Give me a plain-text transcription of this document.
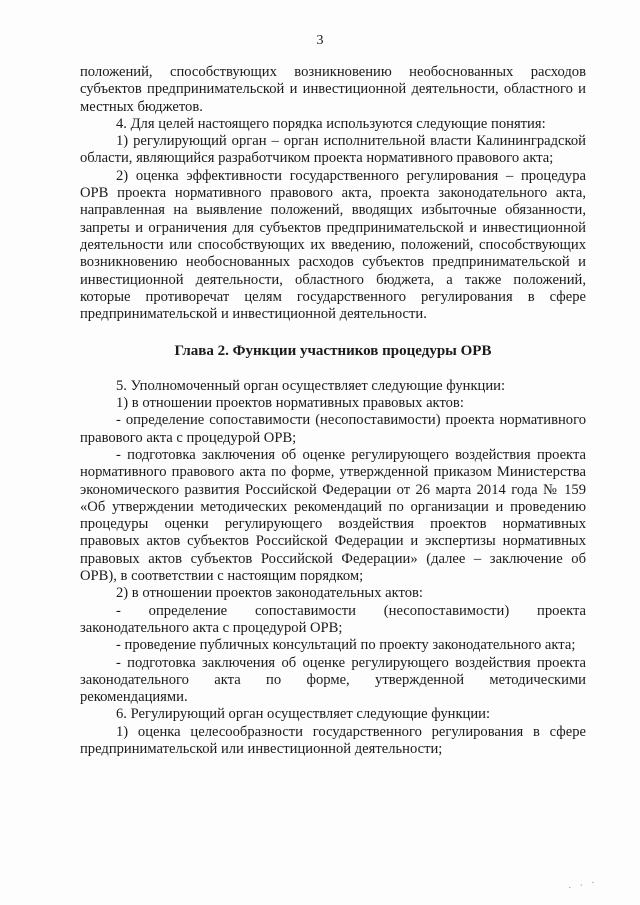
3

положений, способствующих возникновению необоснованных расходов субъектов предпринимательской и инвестиционной деятельности, областного и местных бюджетов.

4. Для целей настоящего порядка используются следующие понятия:

1) регулирующий орган – орган исполнительной власти Калининградской области, являющийся разработчиком проекта нормативного правового акта;

2) оценка эффективности государственного регулирования – процедура ОРВ проекта нормативного правового акта, проекта законодательного акта, направленная на выявление положений, вводящих избыточные обязанности, запреты и ограничения для субъектов предпринимательской и инвестиционной деятельности или способствующих их введению, положений, способствующих возникновению необоснованных расходов субъектов предпринимательской и инвестиционной деятельности, областного бюджета, а также положений, которые противоречат целям государственного регулирования в сфере предпринимательской и инвестиционной деятельности.

Глава 2. Функции участников процедуры ОРВ

5. Уполномоченный орган осуществляет следующие функции:

1) в отношении проектов нормативных правовых актов:

- определение сопоставимости (несопоставимости) проекта нормативного правового акта с процедурой ОРВ;

- подготовка заключения об оценке регулирующего воздействия проекта нормативного правового акта по форме, утвержденной приказом Министерства экономического развития Российской Федерации от 26 марта 2014 года № 159 «Об утверждении методических рекомендаций по организации и проведению процедуры оценки регулирующего воздействия проектов нормативных правовых актов субъектов Российской Федерации и экспертизы нормативных правовых актов субъектов Российской Федерации» (далее – заключение об ОРВ), в соответствии с настоящим порядком;

2) в отношении проектов законодательных актов:

- определение сопоставимости (несопоставимости) проекта законодательного акта с процедурой ОРВ;

- проведение публичных консультаций по проекту законодательного акта;

- подготовка заключения об оценке регулирующего воздействия проекта законодательного акта по форме, утвержденной методическими рекомендациями.

6. Регулирующий орган осуществляет следующие функции:

1) оценка целесообразности государственного регулирования в сфере предпринимательской или инвестиционной деятельности;

· · ·
